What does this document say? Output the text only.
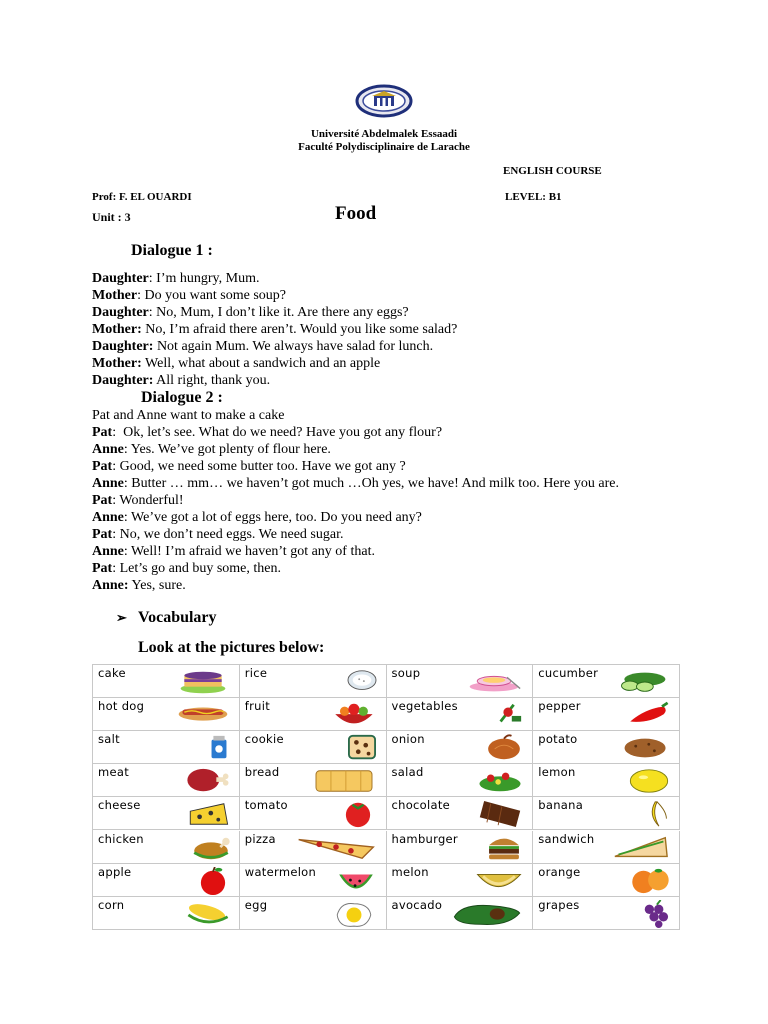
Université Abdelmalek Essaadi
Faculté Polydisciplinaire de Larache
ENGLISH COURSE
Prof: F. EL OUARDI	LEVEL: B1
Unit : 3	Food
Dialogue 1 :
Daughter: I’m hungry, Mum.
Mother: Do you want some soup?
Daughter: No, Mum, I don’t like it. Are there any eggs?
Mother: No, I’m afraid there aren’t. Would you like some salad?
Daughter: Not again Mum. We always have salad for lunch.
Mother: Well, what about a sandwich and an apple
Daughter: All right, thank you.
Dialogue 2 :
Pat and Anne want to make a cake
Pat:  Ok, let’s see. What do we need? Have you got any flour?
Anne: Yes. We’ve got plenty of flour here.
Pat: Good, we need some butter too. Have we got any ?
Anne: Butter … mm… we haven’t got much …Oh yes, we have! And milk too. Here you are.
Pat: Wonderful!
Anne: We’ve got a lot of eggs here, too. Do you need any?
Pat: No, we don’t need eggs. We need sugar.
Anne: Well! I’m afraid we haven’t got any of that.
Pat: Let’s go and buy some, then.
Anne: Yes, sure.
➢ Vocabulary
Look at the pictures below:
cake	rice	soup	cucumber
hot dog	fruit	vegetables	pepper
salt	cookie	onion	potato
meat	bread	salad	lemon
cheese	tomato	chocolate	banana
chicken	pizza	hamburger	sandwich
apple	watermelon	melon	orange
corn	egg	avocado	grapes
